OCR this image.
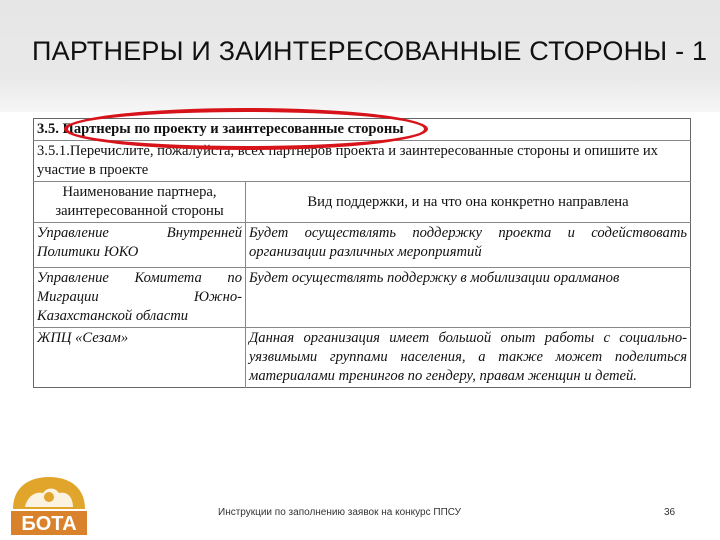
ПАРТНЕРЫ И ЗАИНТЕРЕСОВАННЫЕ СТОРОНЫ - 1
3.5. Партнеры по проекту и заинтересованные стороны	
3.5.1.Перечислите, пожалуйста, всех партнеров проекта и заинтересованные стороны и опишите их участие в проекте	
Наименование партнера, заинтересованной стороны	Вид поддержки, и на что она конкретно направлена
Управление Внутренней Политики ЮКО	Будет осуществлять поддержку проекта и содействовать организации различных мероприятий

Управление Комитета по Миграции Южно-Казахстанской области	Будет осуществлять поддержку в мобилизации оралманов
ЖПЦ «Сезам»	Данная организация имеет большой опыт работы с социально-уязвимыми группами населения, а также может поделиться материалами тренингов по гендеру, правам женщин и детей.
БОТА
Инструкции по заполнению заявок на конкурс ППСУ	36
